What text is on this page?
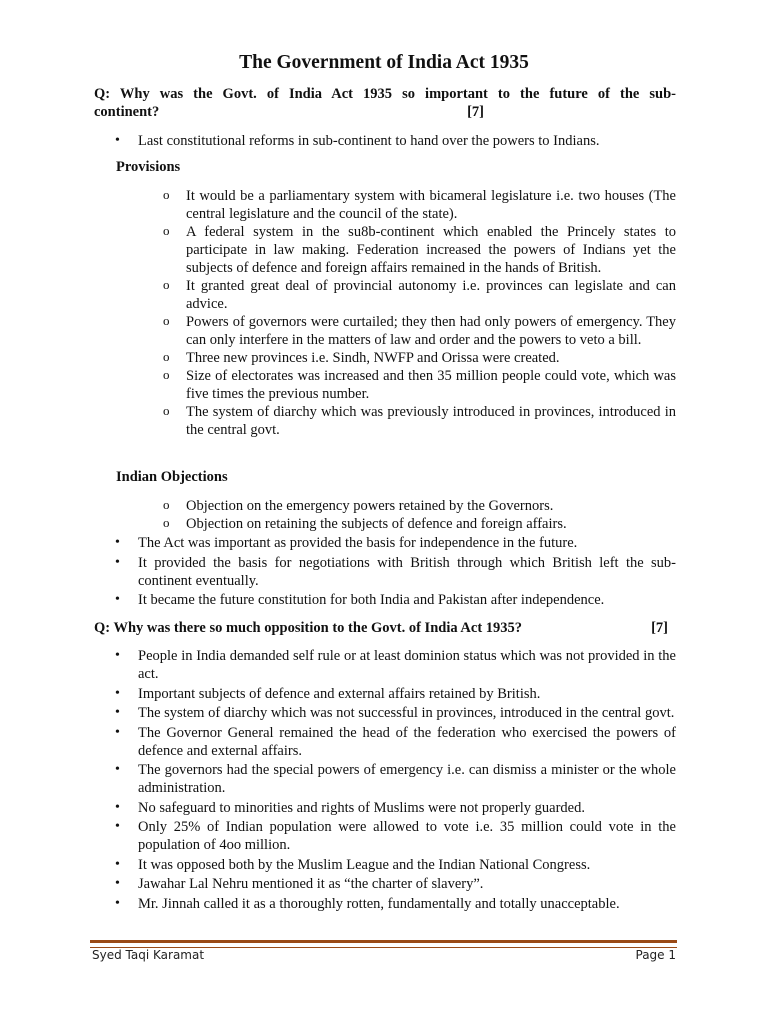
The Government of India Act 1935
Q: Why was the Govt. of India Act 1935 so important to the future of the sub-
continent?	[7]
• Last constitutional reforms in sub-continent to hand over the powers to Indians.

Provisions

o It would be a parliamentary system with bicameral legislature i.e. two houses (The central legislature and the council of the state).
o A federal system in the su8b-continent which enabled the Princely states to participate in law making. Federation increased the powers of Indians yet the subjects of defence and foreign affairs remained in the hands of British.
o It granted great deal of provincial autonomy i.e. provinces can legislate and can advice.
o Powers of governors were curtailed; they then had only powers of emergency. They can only interfere in the matters of law and order and the powers to veto a bill.
o Three new provinces i.e. Sindh, NWFP and Orissa were created.
o Size of electorates was increased and then 35 million people could vote, which was five times the previous number.
o The system of diarchy which was previously introduced in provinces, introduced in the central govt.

Indian Objections

o Objection on the emergency powers retained by the Governors.
o Objection on retaining the subjects of defence and foreign affairs.
• The Act was important as provided the basis for independence in the future.
• It provided the basis for negotiations with British through which British left the sub-continent eventually.
• It became the future constitution for both India and Pakistan after independence.
Q: Why was there so much opposition to the Govt. of India Act 1935?	[7]
• People in India demanded self rule or at least dominion status which was not provided in the act.
• Important subjects of defence and external affairs retained by British.
• The system of diarchy which was not successful in provinces, introduced in the central govt.
• The Governor General remained the head of the federation who exercised the powers of defence and external affairs.
• The governors had the special powers of emergency i.e. can dismiss a minister or the whole administration.
• No safeguard to minorities and rights of Muslims were not properly guarded.
• Only 25% of Indian population were allowed to vote i.e. 35 million could vote in the population of 4oo million.
• It was opposed both by the Muslim League and the Indian National Congress.
• Jawahar Lal Nehru mentioned it as “the charter of slavery”.
• Mr. Jinnah called it as a thoroughly rotten, fundamentally and totally unacceptable.
Syed Taqi Karamat	Page 1
